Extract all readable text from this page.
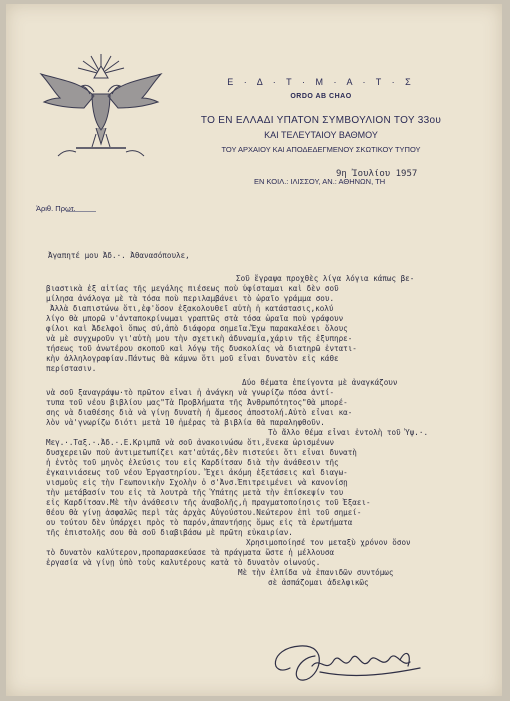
Ε · Δ · Τ · Μ · Α · Τ · Σ
ORDO AB CHAO
ΤΟ ΕΝ ΕΛΛΑΔΙ ΥΠΑΤΟΝ ΣΥΜΒΟΥΛΙΟΝ ΤΟΥ 33ου
ΚΑΙ ΤΕΛΕΥΤΑΙΟΥ ΒΑΘΜΟΥ
ΤΟΥ ΑΡΧΑΙΟΥ ΚΑΙ ΑΠΟΔΕΔΕΓΜΕΝΟΥ ΣΚΩΤΙΚΟΥ ΤΥΠΟΥ
ΕΝ ΚΟΙΛ.: ΙΛΙΣΣΟΥ, ΑΝ.: ΑΘΗΝΩΝ, ΤΗ
9η Ἰουλίου 1957
Ἀριθ. Πρωτ.

Ἀγαπητέ μου Ἀδ.·. Ἀθανασόπουλε,

Σοῦ ἔγραψα προχθὲς λίγα λόγια κάπως βε-

βιαστικὰ ἐξ αἰτίας τῆς μεγάλης πιέσεως ποὺ ὑφίσταμαι καὶ δὲν σοῦ

μίλησα ἀνάλογα μὲ τὰ τόσα ποὺ περιλαμβάνει τὸ ὡραῖο γράμμα σου.

Ἀλλὰ διαπιστώνω ὅτι,ἐφ'ὅσον ἐξακολουθεῖ αὐτὴ ἡ κατάστασις,κολύ

λίγο θὰ μπορῶ ν'ἀνταποκρίνωμαι γραπτῶς στὰ τόσα ὡραῖα ποὺ γράφουν

φίλοι καὶ Ἀδελφοὶ ὅπως σύ,ἀπὸ διάφορα σημεῖα.Ἔχω παρακαλέσει ὅλους

νὰ μὲ συγχωροῦν γι'αὐτὴ μου τὴν σχετικὴ ἀδυναμία,χάριν τῆς ἐξυπηρε-

τήσεως τοῦ ἀνωτέρου σκοποῦ καὶ λόγῳ τῆς δυσκολίας νὰ διατηρῶ ἐντατι-

κὴν ἀλληλογραφίαν.Πάντως θὰ κάμνω ὅτι μοῦ εἶναι δυνατὸν εἰς κάθε

περίστασιν.

Δύο θέματα ἐπείγοντα μὲ ἀναγκάζουν

νὰ σοῦ ξαναγράψω·τὸ πρῶτον εἶναι ἡ ἀνάγκη νὰ γνωρίζω πόσα ἀντί-

τυπα τοῦ νέου βιβλίου μας"Τὰ Προβλήματα τῆς Ἀνθρωπότητος"θὰ μπορέ-

σης νὰ διαθέσης διὰ νὰ γίνῃ δυνατὴ ἡ ἄμεσος ἀποστολή.Αὐτὸ εἶναι κα-

λὸν νὰ'γνωρίζω διότι μετὰ 10 ἡμέρας τὰ βιβλία θὰ παραληφθοῦν.

Τὸ ἄλλο θέμα εἶναι ἐντολὴ τοῦ Ὑψ.·.

Μεγ.·.Ταξ.·.Ἀδ.·.Ε.Κριμπᾶ νὰ σοῦ ἀνακοινώσω ὅτι,ἕνεκα ὡρισμένων

δυσχερειῶν ποὺ ἀντιμετωπίζει κατ'αὐτάς,δὲν πιστεύει ὅτι εἶναι δυνατὴ

ἡ ἐντὸς τοῦ μηνὸς ἐλεύσις του εἰς Καρδίτσαν διὰ τὴν ἀνάθεσιν τῆς

ἐγκαινιάσεως τοῦ νέου Ἐργαστηρίου. Ἔχει ἀκόμη ἐξετάσεις καὶ διαγω-

νισμοὺς εἰς τὴν Γεωπονικὴν Σχολὴν ὁ σ'Ἀνσ.Ἐπιτρειμένει νὰ κανονίσῃ

τὴν μετάβασίν του εἰς τὰ λουτρὰ τῆς Ὑπάτης μετὰ τὴν ἐπίσκεψίν του

εἰς Καρδίτσαν.Μὲ τὴν ἀνάθεσιν τῆς ἀναβολῆς,ἡ πραγματοποίησις τοῦ Ἐξαει-

θέου θὰ γίνῃ ἀσφαλῶς περὶ τὰς ἀρχὰς Αὐγούστου.Νεώτερον ἐπὶ τοῦ σημεί-

ου τούτου δὲν ὑπάρχει πρὸς τὸ παρόν,ἀπαντήσῃς ὅμως εἰς τὰ ἐρωτήματα

τῆς ἐπιστολῆς σου θὰ σοῦ διαβιβάσω μὲ πρῶτη εὐκαιρίαν.

Χρησιμοποίησέ τον μεταξὺ χρόνον ὅσον

τὸ δυνατὸν καλύτερον,προπαρασκεύασε τὰ πράγματα ὥστε ἡ μέλλουσα

ἐργασία νὰ γίνῃ ὑπὸ τοὺς καλυτέρους κατὰ τὸ δυνατὸν οἰωνούς.

Μὲ τὴν ἐλπίδα νὰ ἐπανιδῶν συντόμως

σὲ ἀσπάζομαι ἀδελφικῶς
